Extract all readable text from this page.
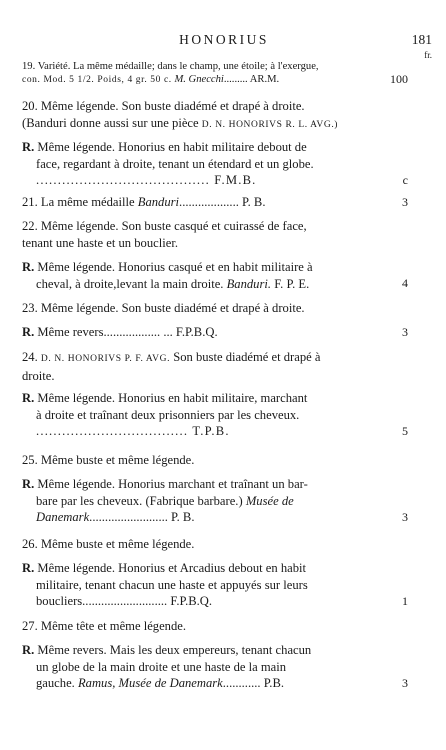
HONORIUS	181
fr.
19. Variété. La même médaille; dans le champ, une étoile; à l'exergue,
con. Mod. 5 1/2. Poids, 4 gr. 50 c. M. Gnecchi......... AR.M.	100
20. Même légende. Son buste diadémé et drapé à droite.
(Banduri donne aussi sur une pièce D. N. HONORIVS R. L. AVG.)
R. Même légende. Honorius en habit militaire debout de
face, regardant à droite, tenant un étendard et un globe.
........................................ F.M.B.	c
21. La même médaille Banduri................... P. B.	3
22. Même légende. Son buste casqué et cuirassé de face,
tenant une haste et un bouclier.
R. Même légende. Honorius casqué et en habit militaire à
cheval, à droite,levant la main droite. Banduri. F. P. E.	4
23. Même légende. Son buste diadémé et drapé à droite.
R. Même revers.................. ... F.P.B.Q.	3
24. D. N. HONORIVS P. F. AVG. Son buste diadémé et drapé à
droite.
R. Même légende. Honorius en habit militaire, marchant
à droite et traînant deux prisonniers par les cheveux.
................................... T.P.B.	5
25. Même buste et même légende.
R. Même légende. Honorius marchant et traînant un bar-
bare par les cheveux. (Fabrique barbare.) Musée de
Danemark......................... P. B.	3
26. Même buste et même légende.
R. Même légende. Honorius et Arcadius debout en habit
militaire, tenant chacun une haste et appuyés sur leurs
boucliers........................... F.P.B.Q.	1
27. Même tête et même légende.
R. Même revers. Mais les deux empereurs, tenant chacun
un globe de la main droite et une haste de la main
gauche. Ramus, Musée de Danemark............ P.B.	3
